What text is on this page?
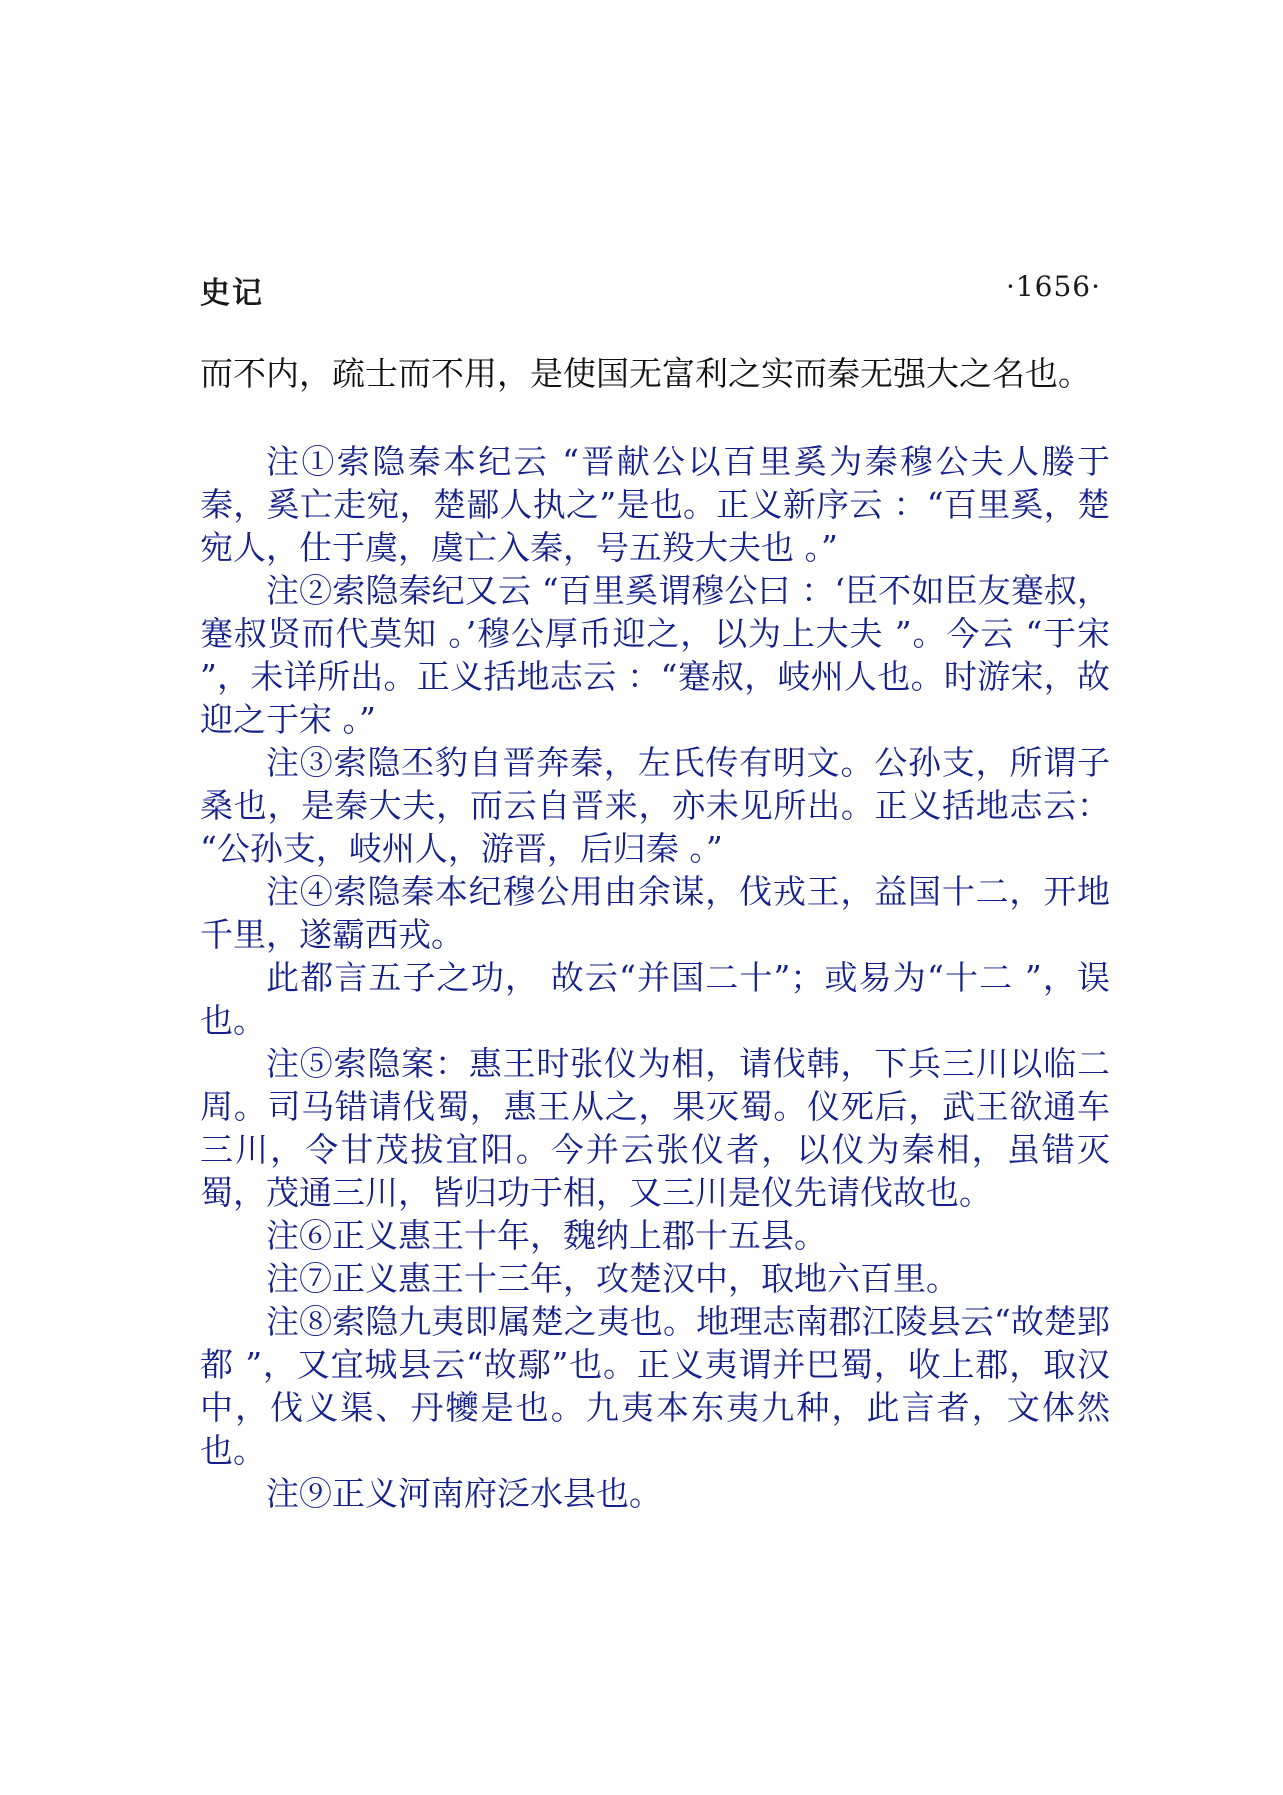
史记	·1656·

而不内，疏士而不用，是使国无富利之实而秦无强大之名也。

注①索隐秦本纪云 “晋献公以百里奚为秦穆公夫人媵于秦，奚亡走宛，楚鄙人执之”是也。正义新序云 ：“百里奚，楚宛人，仕于虞，虞亡入秦，号五羖大夫也 。”

注②索隐秦纪又云 “百里奚谓穆公曰 ：‘臣不如臣友蹇叔，蹇叔贤而代莫知 。’穆公厚币迎之，以为上大夫 ”。今云 “于宋 ”，未详所出。正义括地志云 ：“蹇叔，岐州人也。时游宋，故迎之于宋 。”

注③索隐丕豹自晋奔秦，左氏传有明文。公孙支，所谓子桑也，是秦大夫，而云自晋来，亦未见所出。正义括地志云： “公孙支，岐州人，游晋，后归秦 。”

注④索隐秦本纪穆公用由余谋，伐戎王，益国十二，开地千里，遂霸西戎。

此都言五子之功， 故云“并国二十”；或易为“十二 ”，误也。

注⑤索隐案：惠王时张仪为相，请伐韩，下兵三川以临二周。司马错请伐蜀，惠王从之，果灭蜀。仪死后，武王欲通车三川，令甘茂拔宜阳。今并云张仪者，以仪为秦相，虽错灭蜀，茂通三川，皆归功于相，又三川是仪先请伐故也。

注⑥正义惠王十年，魏纳上郡十五县。

注⑦正义惠王十三年，攻楚汉中，取地六百里。

注⑧索隐九夷即属楚之夷也。地理志南郡江陵县云“故楚郢都 ”，又宜城县云“故鄢”也。正义夷谓并巴蜀，收上郡，取汉中，伐义渠、丹犪是也。九夷本东夷九种，此言者，文体然也。

注⑨正义河南府泛水县也。
